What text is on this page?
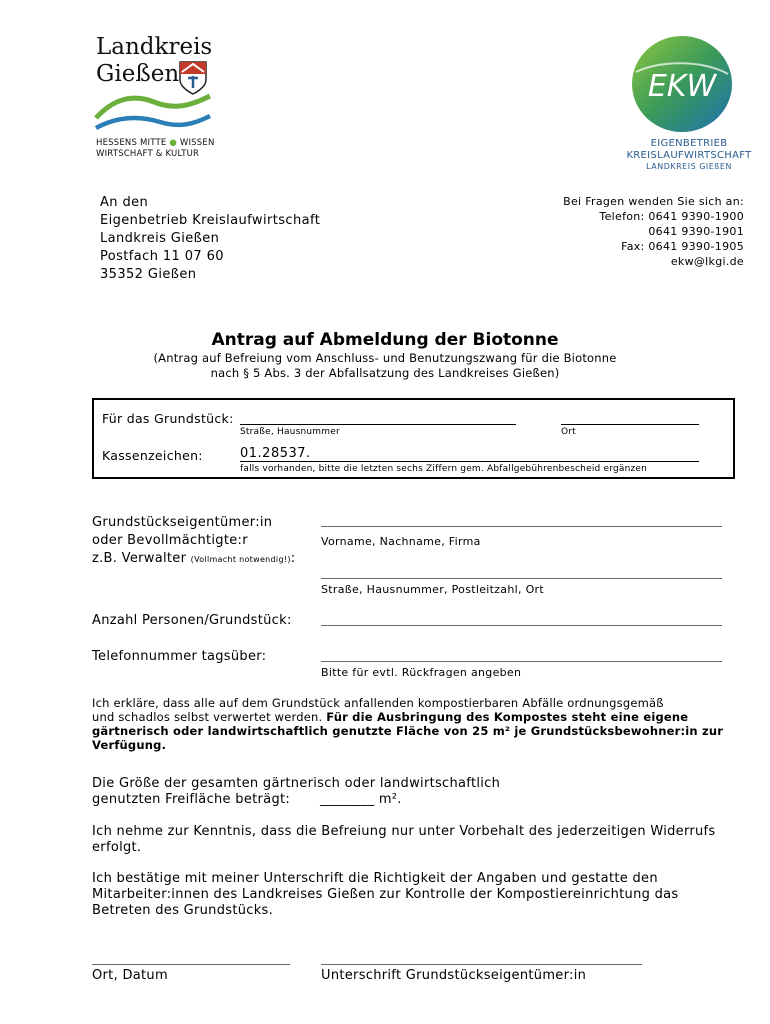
Landkreis
Gießen
HESSENS MITTE ● WISSEN
WIRTSCHAFT & KULTUR
EKW
EIGENBETRIEB
KREISLAUFWIRTSCHAFT
LANDKREIS GIEßEN
An den
Eigenbetrieb Kreislaufwirtschaft
Landkreis Gießen
Postfach 11 07 60
35352 Gießen
Bei Fragen wenden Sie sich an:
Telefon: 0641 9390-1900
0641 9390-1901
Fax: 0641 9390-1905
ekw@lkgi.de
Antrag auf Abmeldung der Biotonne
(Antrag auf Befreiung vom Anschluss- und Benutzungszwang für die Biotonne
nach § 5 Abs. 3 der Abfallsatzung des Landkreises Gießen)
Für das Grundstück:
Straße, Hausnummer	Ort
Kassenzeichen:	01.28537.
falls vorhanden, bitte die letzten sechs Ziffern gem. Abfallgebührenbescheid ergänzen
Grundstückseigentümer:in
oder Bevollmächtigte:r
z.B. Verwalter (Vollmacht notwendig!):
Vorname, Nachname, Firma
Straße, Hausnummer, Postleitzahl, Ort
Anzahl Personen/Grundstück:
Telefonnummer tagsüber:
Bitte für evtl. Rückfragen angeben
Ich erkläre, dass alle auf dem Grundstück anfallenden kompostierbaren Abfälle ordnungsgemäß
und schadlos selbst verwertet werden. Für die Ausbringung des Kompostes steht eine eigene
gärtnerisch oder landwirtschaftlich genutzte Fläche von 25 m² je Grundstücksbewohner:in zur
Verfügung.
Die Größe der gesamten gärtnerisch oder landwirtschaftlich
genutzten Freifläche beträgt: ________ m².
Ich nehme zur Kenntnis, dass die Befreiung nur unter Vorbehalt des jederzeitigen Widerrufs
erfolgt.
Ich bestätige mit meiner Unterschrift die Richtigkeit der Angaben und gestatte den
Mitarbeiter:innen des Landkreises Gießen zur Kontrolle der Kompostiereinrichtung das
Betreten des Grundstücks.
Ort, Datum	Unterschrift Grundstückseigentümer:in
